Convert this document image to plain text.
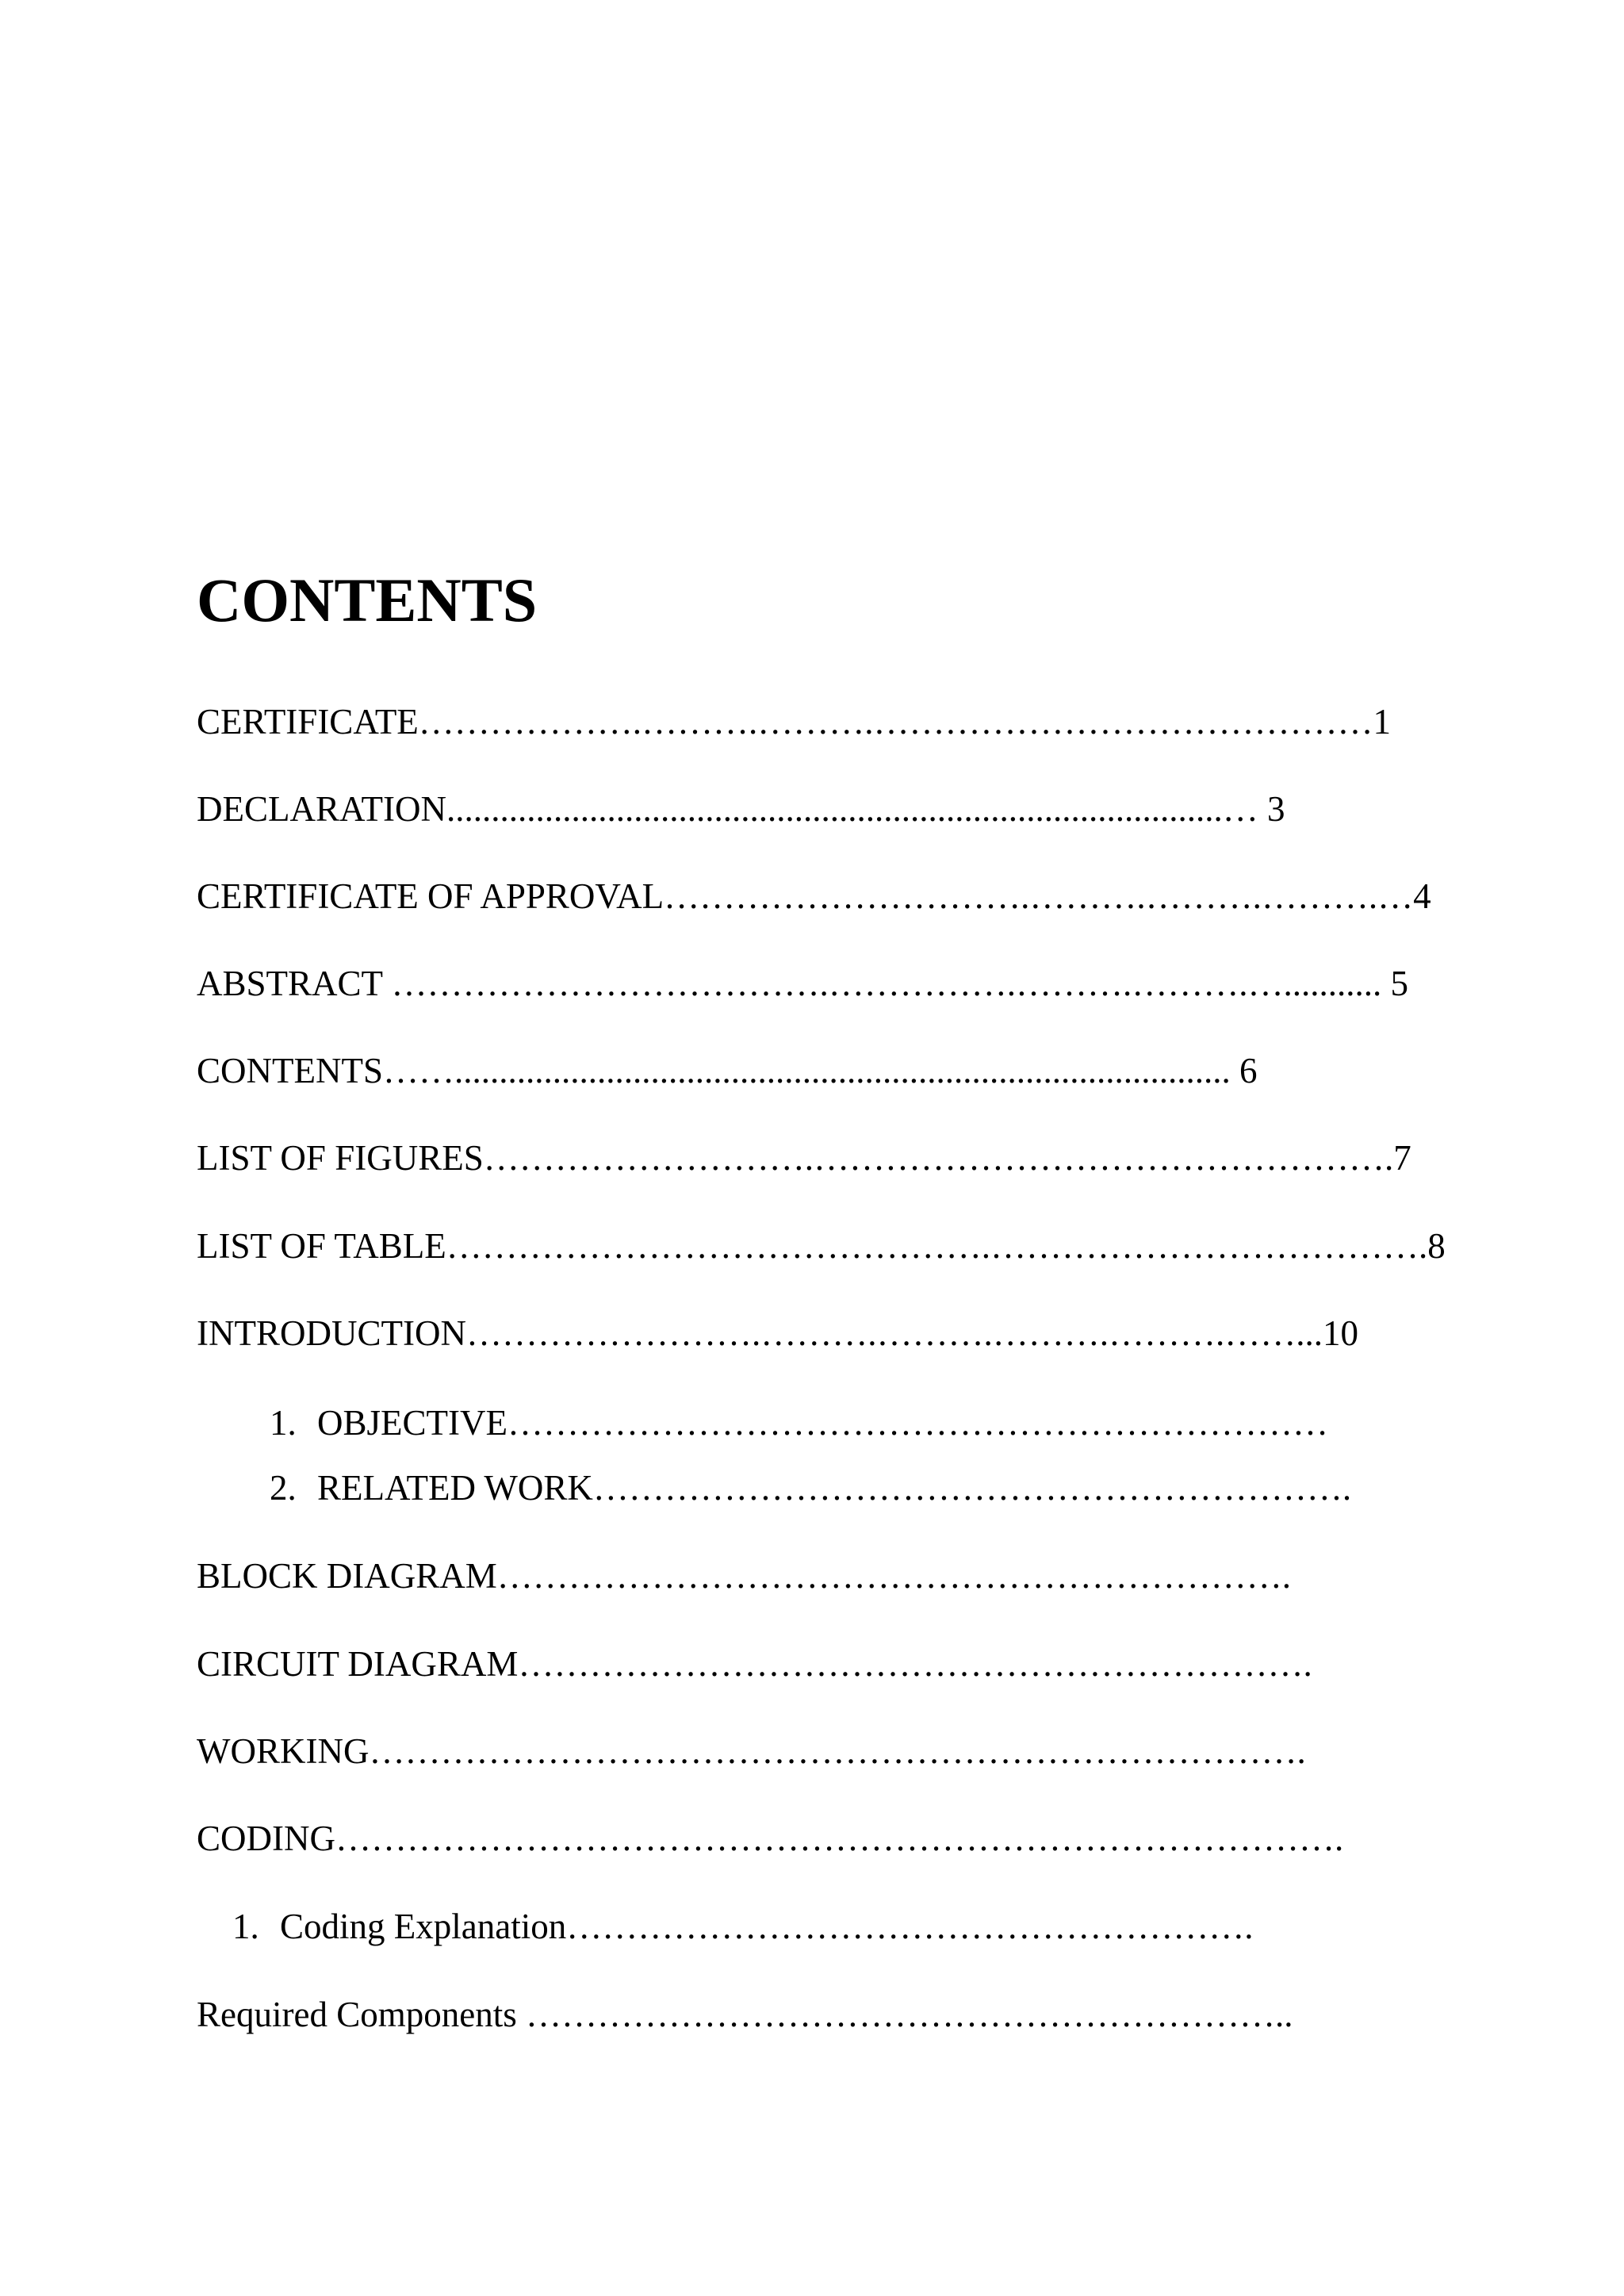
CONTENTS
CERTIFICATE……………….……….……….……………………………………1
DECLARATION.......................................................................................… 3
CERTIFICATE OF APPROVAL………………………….……….……….……….…4
ABSTRACT ……………………………….…………….……….……….…........... 5
CONTENTS……....................................................................................... 6
LIST OF FIGURES……………………….………………………………………….7
LIST OF TABLE……………………………………….……………………………….8
INTRODUCTION…………………….……….……….……….……….……...10
1. OBJECTIVE……………………………………………………………
2. RELATED WORK……………………………………………………….
BLOCK DIAGRAM………………………………………………………….
CIRCUIT DIAGRAM………………………………………………………….
WORKING…………………………………………………………………….
CODING………………………………………………………………………….
1. Coding Explanation………………………………………………….
Required Components ………………………………………………………..
